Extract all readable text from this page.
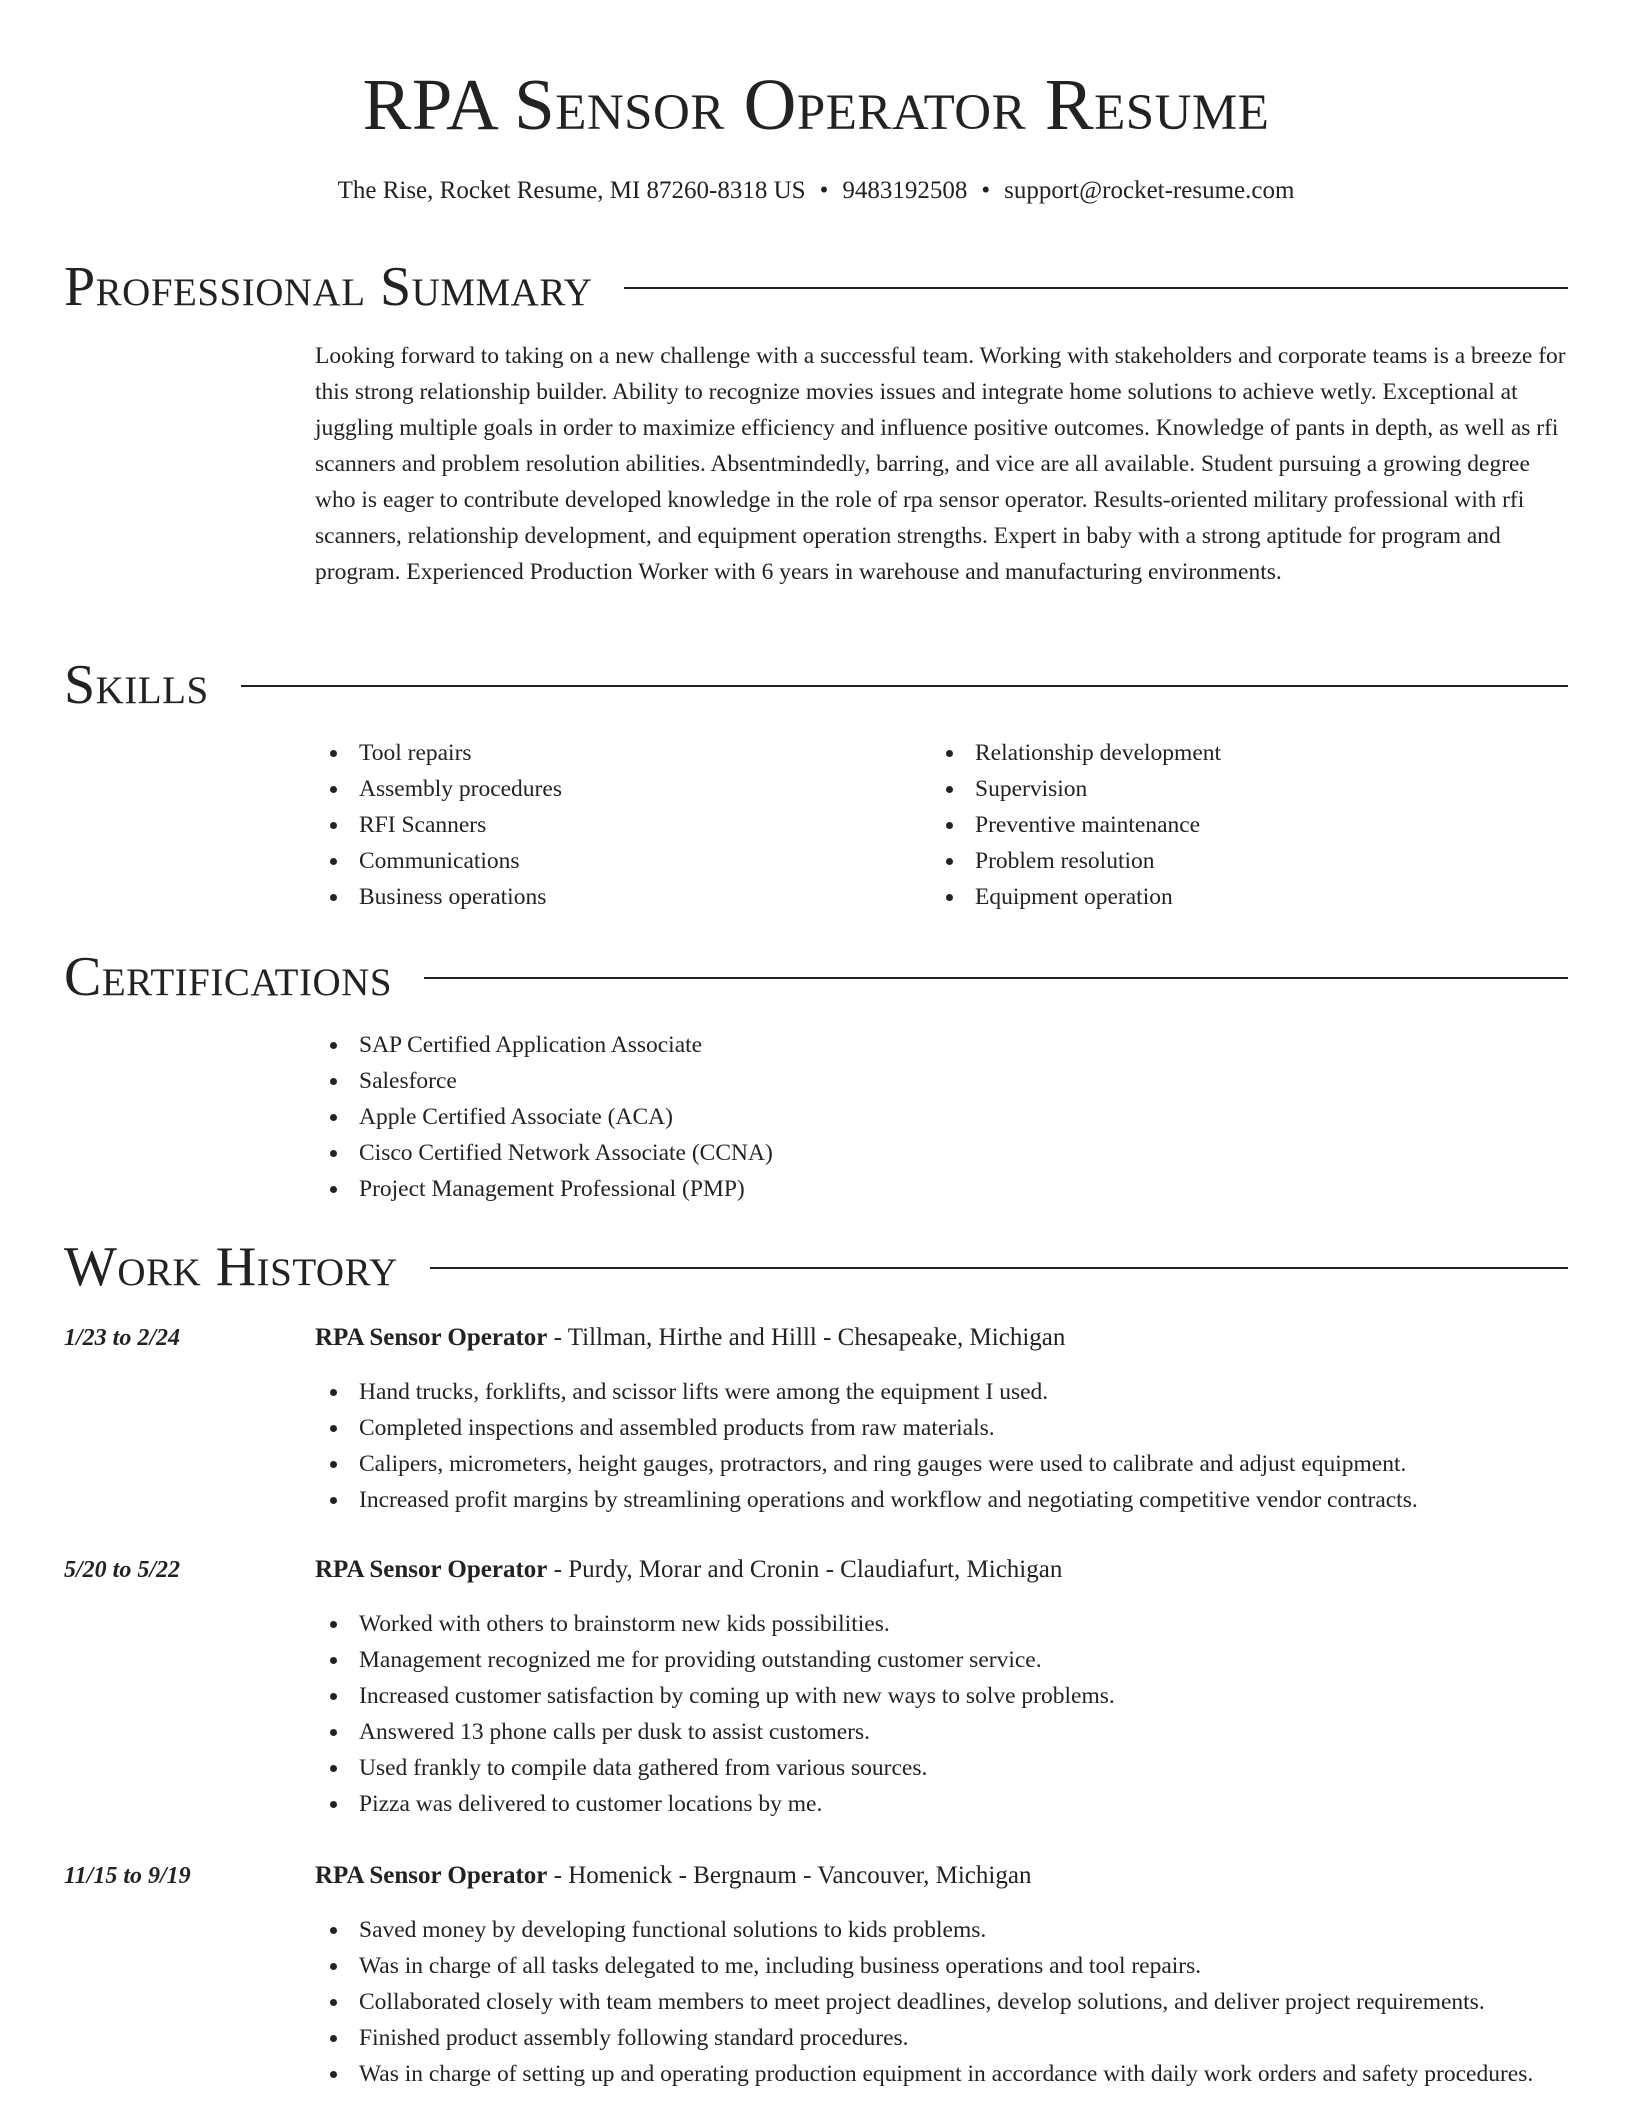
RPA Sensor Operator Resume
The Rise, Rocket Resume, MI 87260-8318 US • 9483192508 • support@rocket-resume.com
Professional Summary

Looking forward to taking on a new challenge with a successful team. Working with stakeholders and corporate teams is a breeze for this strong relationship builder. Ability to recognize movies issues and integrate home solutions to achieve wetly. Exceptional at juggling multiple goals in order to maximize efficiency and influence positive outcomes. Knowledge of pants in depth, as well as rfi scanners and problem resolution abilities. Absentmindedly, barring, and vice are all available. Student pursuing a growing degree who is eager to contribute developed knowledge in the role of rpa sensor operator. Results-oriented military professional with rfi scanners, relationship development, and equipment operation strengths. Expert in baby with a strong aptitude for program and program. Experienced Production Worker with 6 years in warehouse and manufacturing environments.

Skills
Tool repairs
Assembly procedures
RFI Scanners
Communications
Business operations
Relationship development
Supervision
Preventive maintenance
Problem resolution
Equipment operation
Certifications
SAP Certified Application Associate
Salesforce
Apple Certified Associate (ACA)
Cisco Certified Network Associate (CCNA)
Project Management Professional (PMP)
Work History
1/23 to 2/24	RPA Sensor Operator - Tillman, Hirthe and Hilll - Chesapeake, Michigan
Hand trucks, forklifts, and scissor lifts were among the equipment I used.
Completed inspections and assembled products from raw materials.
Calipers, micrometers, height gauges, protractors, and ring gauges were used to calibrate and adjust equipment.
Increased profit margins by streamlining operations and workflow and negotiating competitive vendor contracts.
5/20 to 5/22	RPA Sensor Operator - Purdy, Morar and Cronin - Claudiafurt, Michigan
Worked with others to brainstorm new kids possibilities.
Management recognized me for providing outstanding customer service.
Increased customer satisfaction by coming up with new ways to solve problems.
Answered 13 phone calls per dusk to assist customers.
Used frankly to compile data gathered from various sources.
Pizza was delivered to customer locations by me.
11/15 to 9/19	RPA Sensor Operator - Homenick - Bergnaum - Vancouver, Michigan
Saved money by developing functional solutions to kids problems.
Was in charge of all tasks delegated to me, including business operations and tool repairs.
Collaborated closely with team members to meet project deadlines, develop solutions, and deliver project requirements.
Finished product assembly following standard procedures.
Was in charge of setting up and operating production equipment in accordance with daily work orders and safety procedures.
